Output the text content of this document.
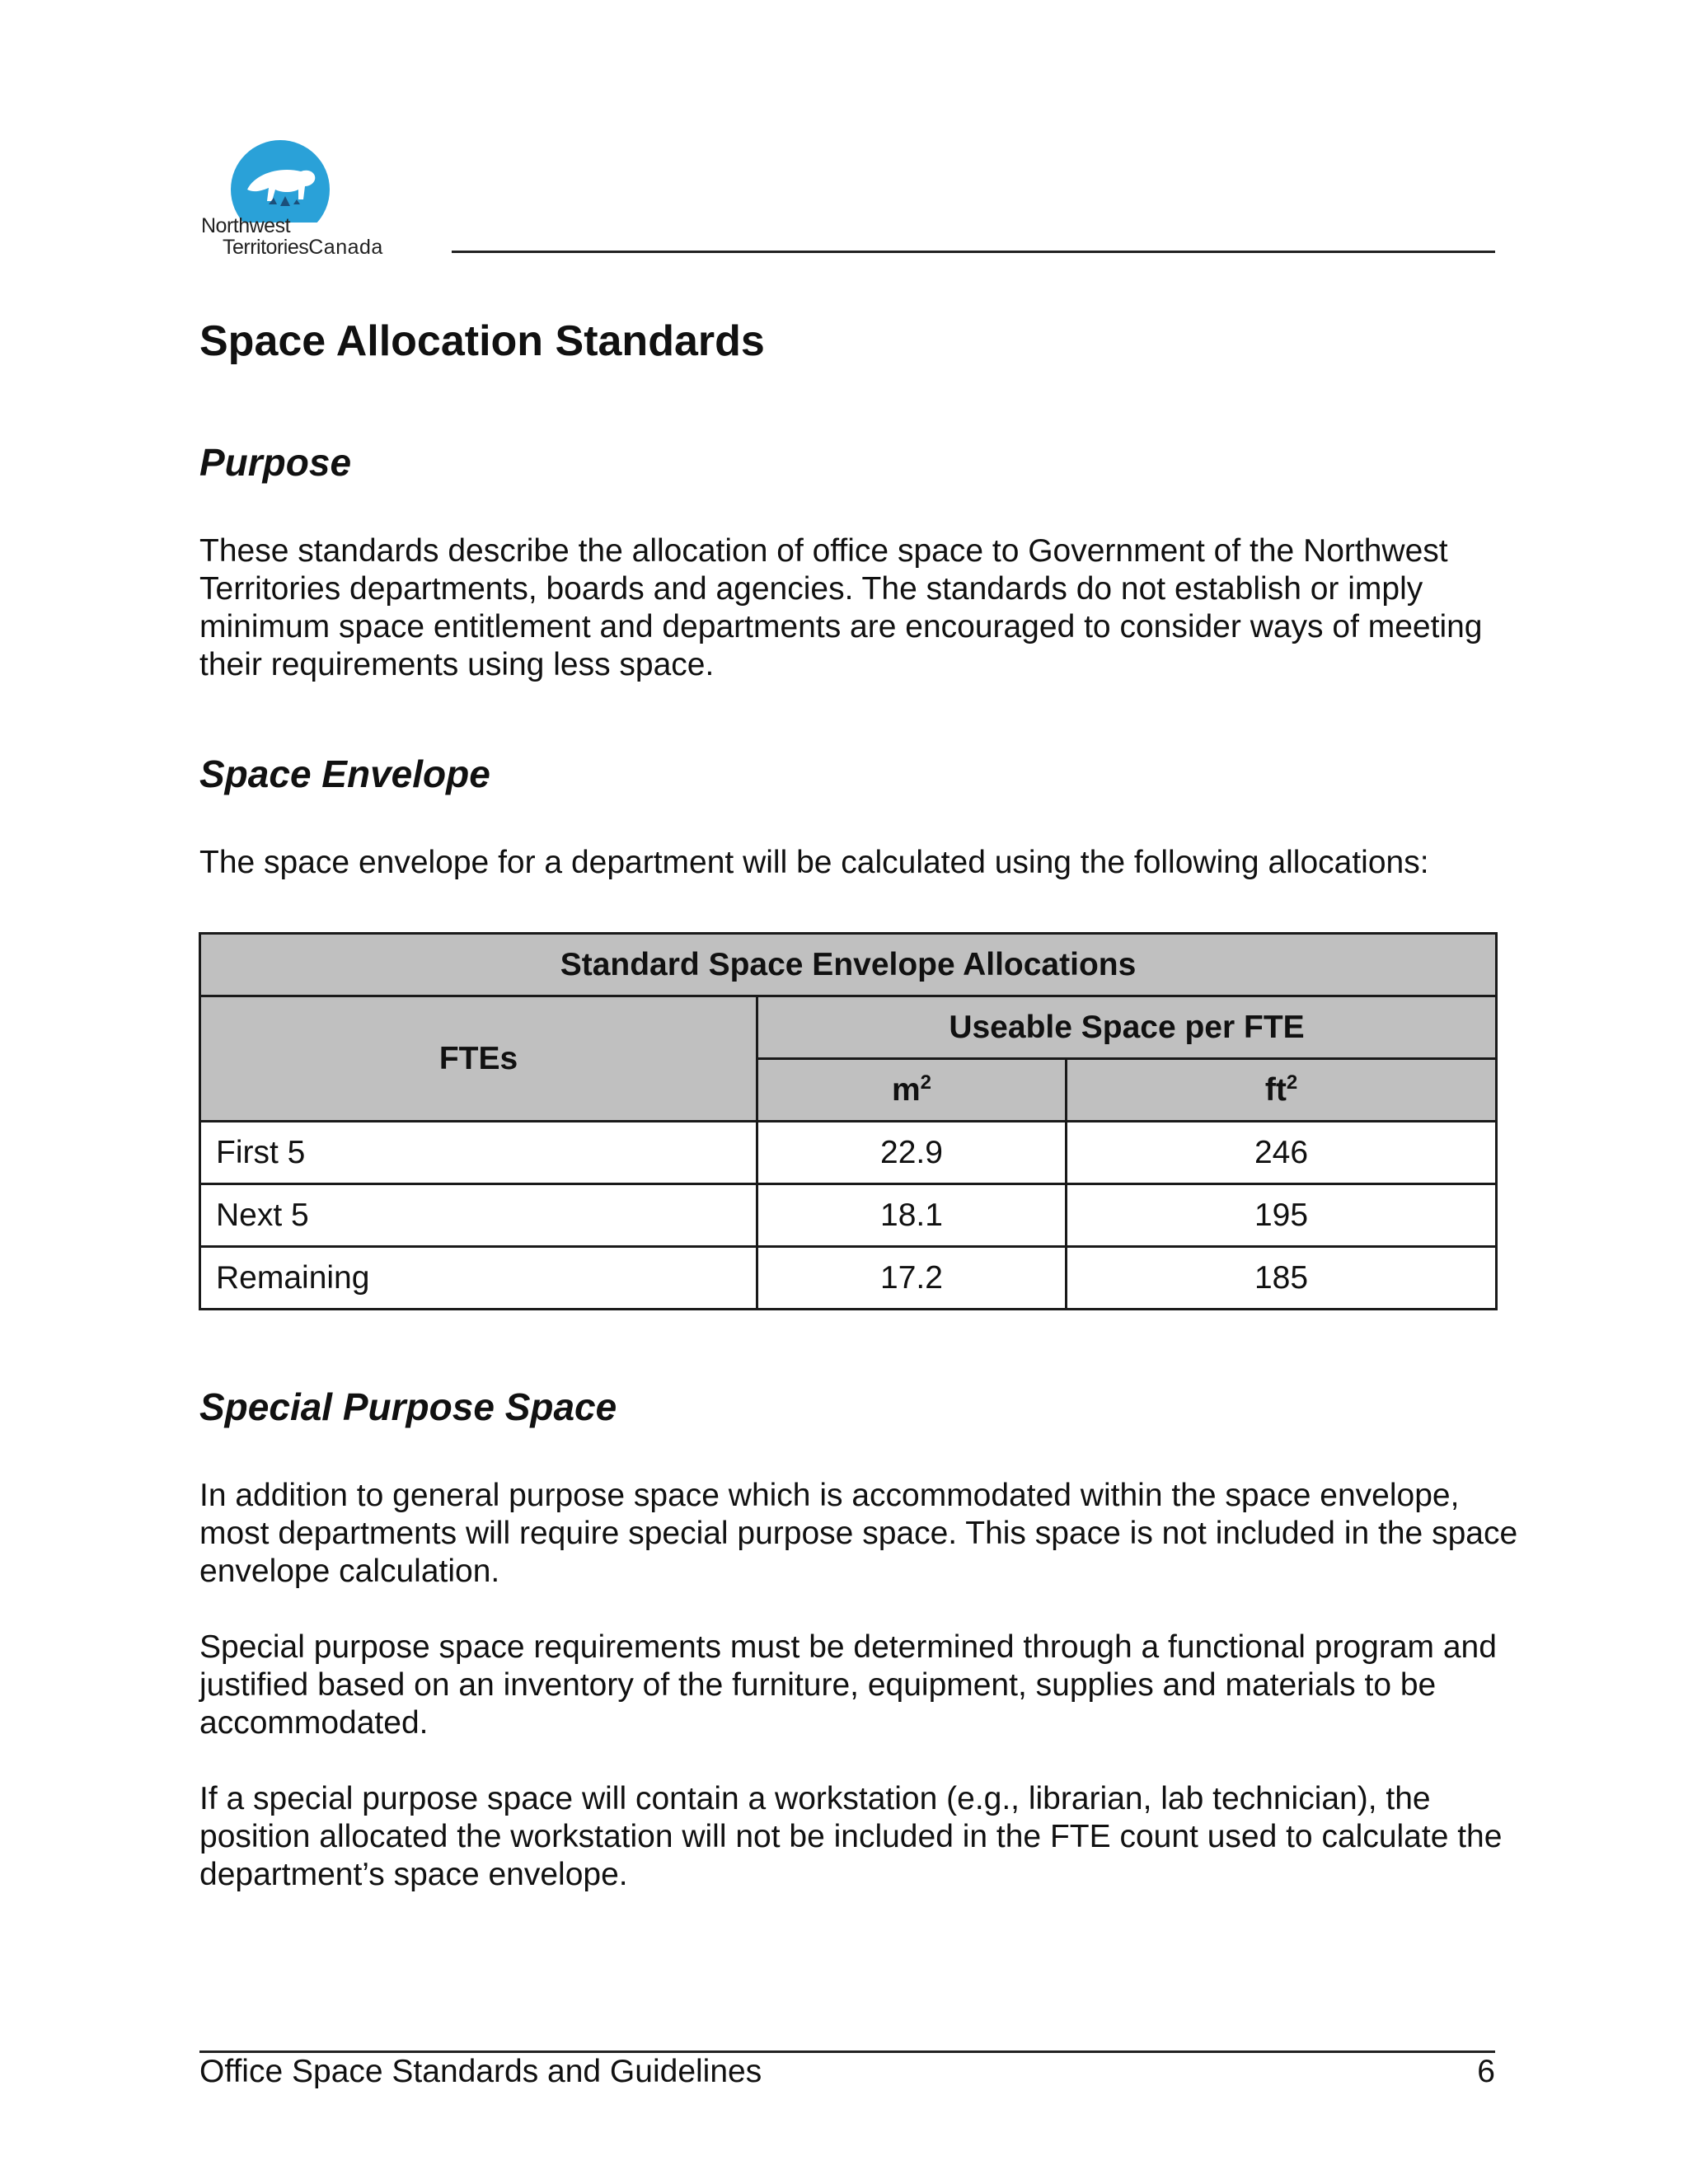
Northwest
TerritoriesCanada
Space Allocation Standards
Purpose

These standards describe the allocation of office space to Government of the Northwest Territories departments, boards and agencies. The standards do not establish or imply minimum space entitlement and departments are encouraged to consider ways of meeting their requirements using less space.

Space Envelope

The space envelope for a department will be calculated using the following allocations:

Standard Space Envelope Allocations		
FTEs	Useable Space per FTE	
	$m^2$	$ft^2$
First 5	22.9	246
Next 5	18.1	195
Remaining	17.2	185
Special Purpose Space

In addition to general purpose space which is accommodated within the space envelope, most departments will require special purpose space. This space is not included in the space envelope calculation.

Special purpose space requirements must be determined through a functional program and justified based on an inventory of the furniture, equipment, supplies and materials to be accommodated.

If a special purpose space will contain a workstation (e.g., librarian, lab technician), the position allocated the workstation will not be included in the FTE count used to calculate the department’s space envelope.

Office Space Standards and Guidelines	6
